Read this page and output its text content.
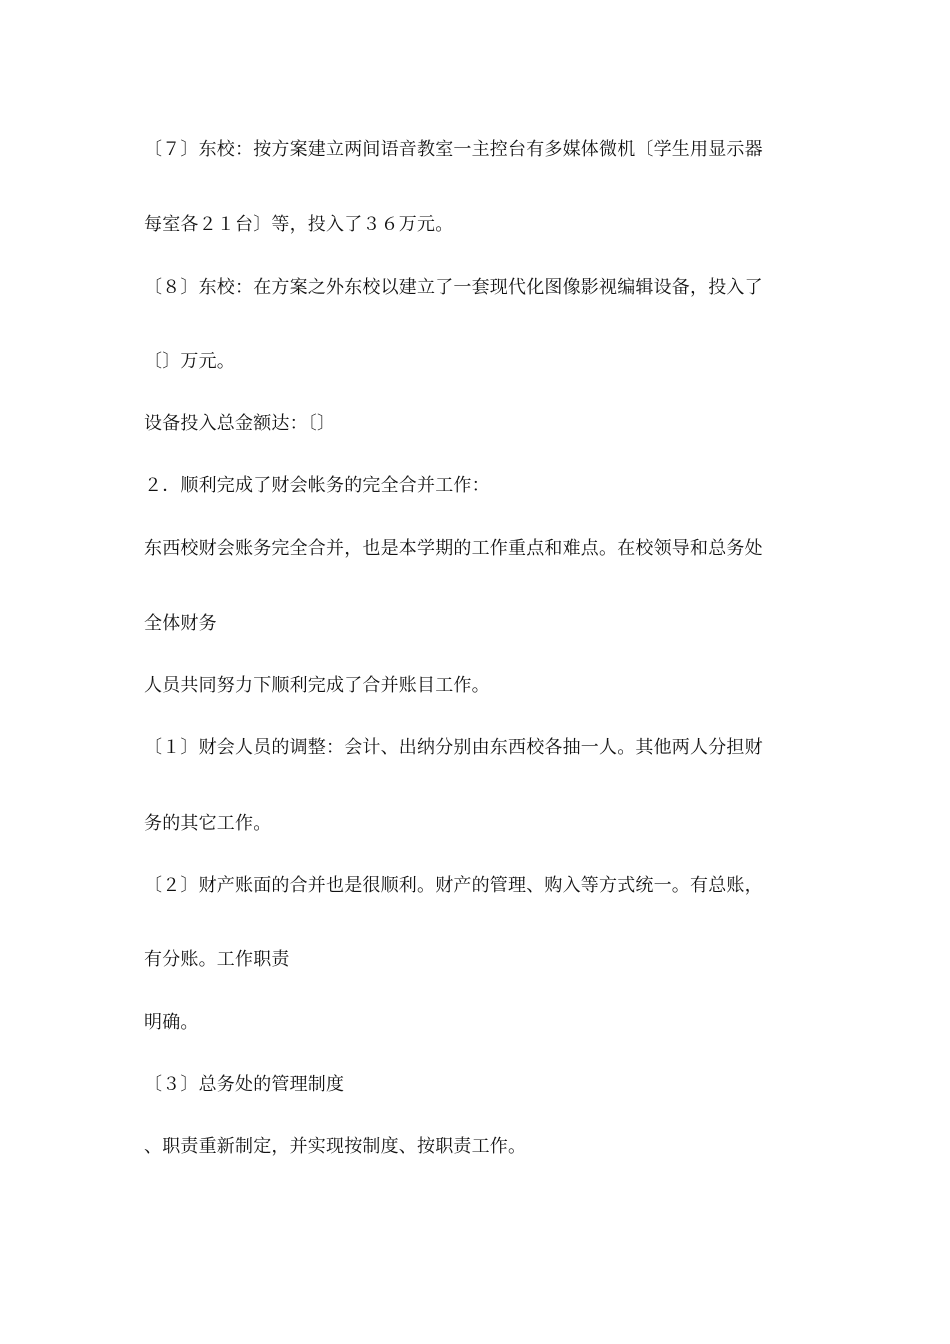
〔７〕东校：按方案建立两间语音教室一主控台有多媒体微机〔学生用显示器
每室各２１台〕等，投入了３６万元。
〔８〕东校：在方案之外东校以建立了一套现代化图像影视编辑设备，投入了
〔〕万元。
设备投入总金额达：〔〕
２．顺利完成了财会帐务的完全合并工作：
东西校财会账务完全合并，也是本学期的工作重点和难点。在校领导和总务处
全体财务
人员共同努力下顺利完成了合并账目工作。
〔１〕财会人员的调整：会计、出纳分别由东西校各抽一人。其他两人分担财
务的其它工作。
〔２〕财产账面的合并也是很顺利。财产的管理、购入等方式统一。有总账，
有分账。工作职责
明确。
〔３〕总务处的管理制度
、职责重新制定，并实现按制度、按职责工作。
